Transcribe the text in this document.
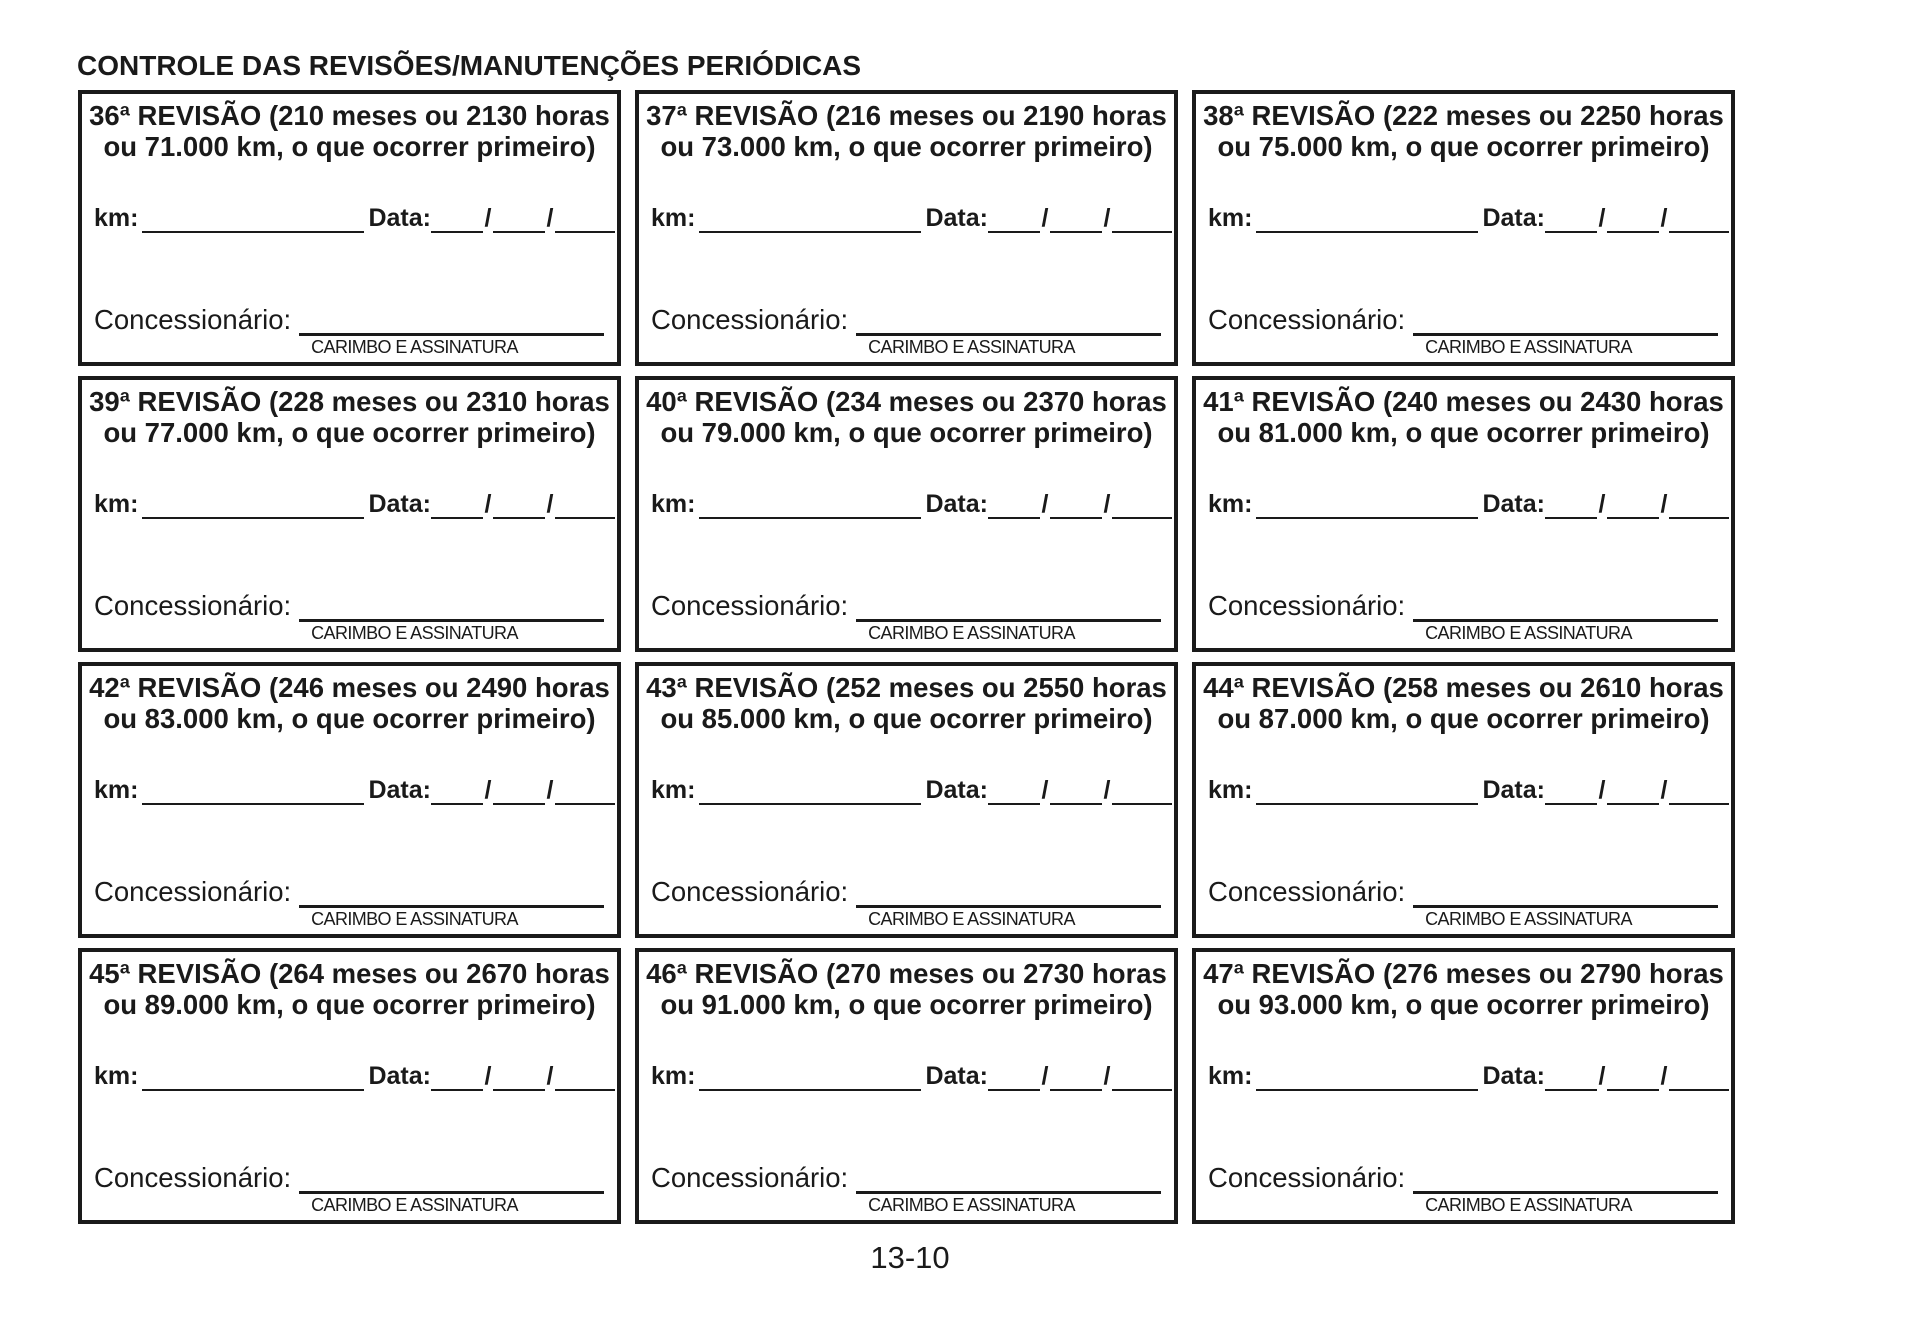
CONTROLE DAS REVISÕES/MANUTENÇÕES PERIÓDICAS
36ª REVISÃO (210 meses ou 2130 horas
ou 71.000 km, o que ocorrer primeiro)
km:	Data: / /
Concessionário:
CARIMBO E ASSINATURA
37ª REVISÃO (216 meses ou 2190 horas
ou 73.000 km, o que ocorrer primeiro)
km:	Data: / /
Concessionário:
CARIMBO E ASSINATURA
38ª REVISÃO (222 meses ou 2250 horas
ou 75.000 km, o que ocorrer primeiro)
km:	Data: / /
Concessionário:
CARIMBO E ASSINATURA
39ª REVISÃO (228 meses ou 2310 horas
ou 77.000 km, o que ocorrer primeiro)
km:	Data: / /
Concessionário:
CARIMBO E ASSINATURA
40ª REVISÃO (234 meses ou 2370 horas
ou 79.000 km, o que ocorrer primeiro)
km:	Data: / /
Concessionário:
CARIMBO E ASSINATURA
41ª REVISÃO (240 meses ou 2430 horas
ou 81.000 km, o que ocorrer primeiro)
km:	Data: / /
Concessionário:
CARIMBO E ASSINATURA
42ª REVISÃO (246 meses ou 2490 horas
ou 83.000 km, o que ocorrer primeiro)
km:	Data: / /
Concessionário:
CARIMBO E ASSINATURA
43ª REVISÃO (252 meses ou 2550 horas
ou 85.000 km, o que ocorrer primeiro)
km:	Data: / /
Concessionário:
CARIMBO E ASSINATURA
44ª REVISÃO (258 meses ou 2610 horas
ou 87.000 km, o que ocorrer primeiro)
km:	Data: / /
Concessionário:
CARIMBO E ASSINATURA
45ª REVISÃO (264 meses ou 2670 horas
ou 89.000 km, o que ocorrer primeiro)
km:	Data: / /
Concessionário:
CARIMBO E ASSINATURA
46ª REVISÃO (270 meses ou 2730 horas
ou 91.000 km, o que ocorrer primeiro)
km:	Data: / /
Concessionário:
CARIMBO E ASSINATURA
47ª REVISÃO (276 meses ou 2790 horas
ou 93.000 km, o que ocorrer primeiro)
km:	Data: / /
Concessionário:
CARIMBO E ASSINATURA
13-10
